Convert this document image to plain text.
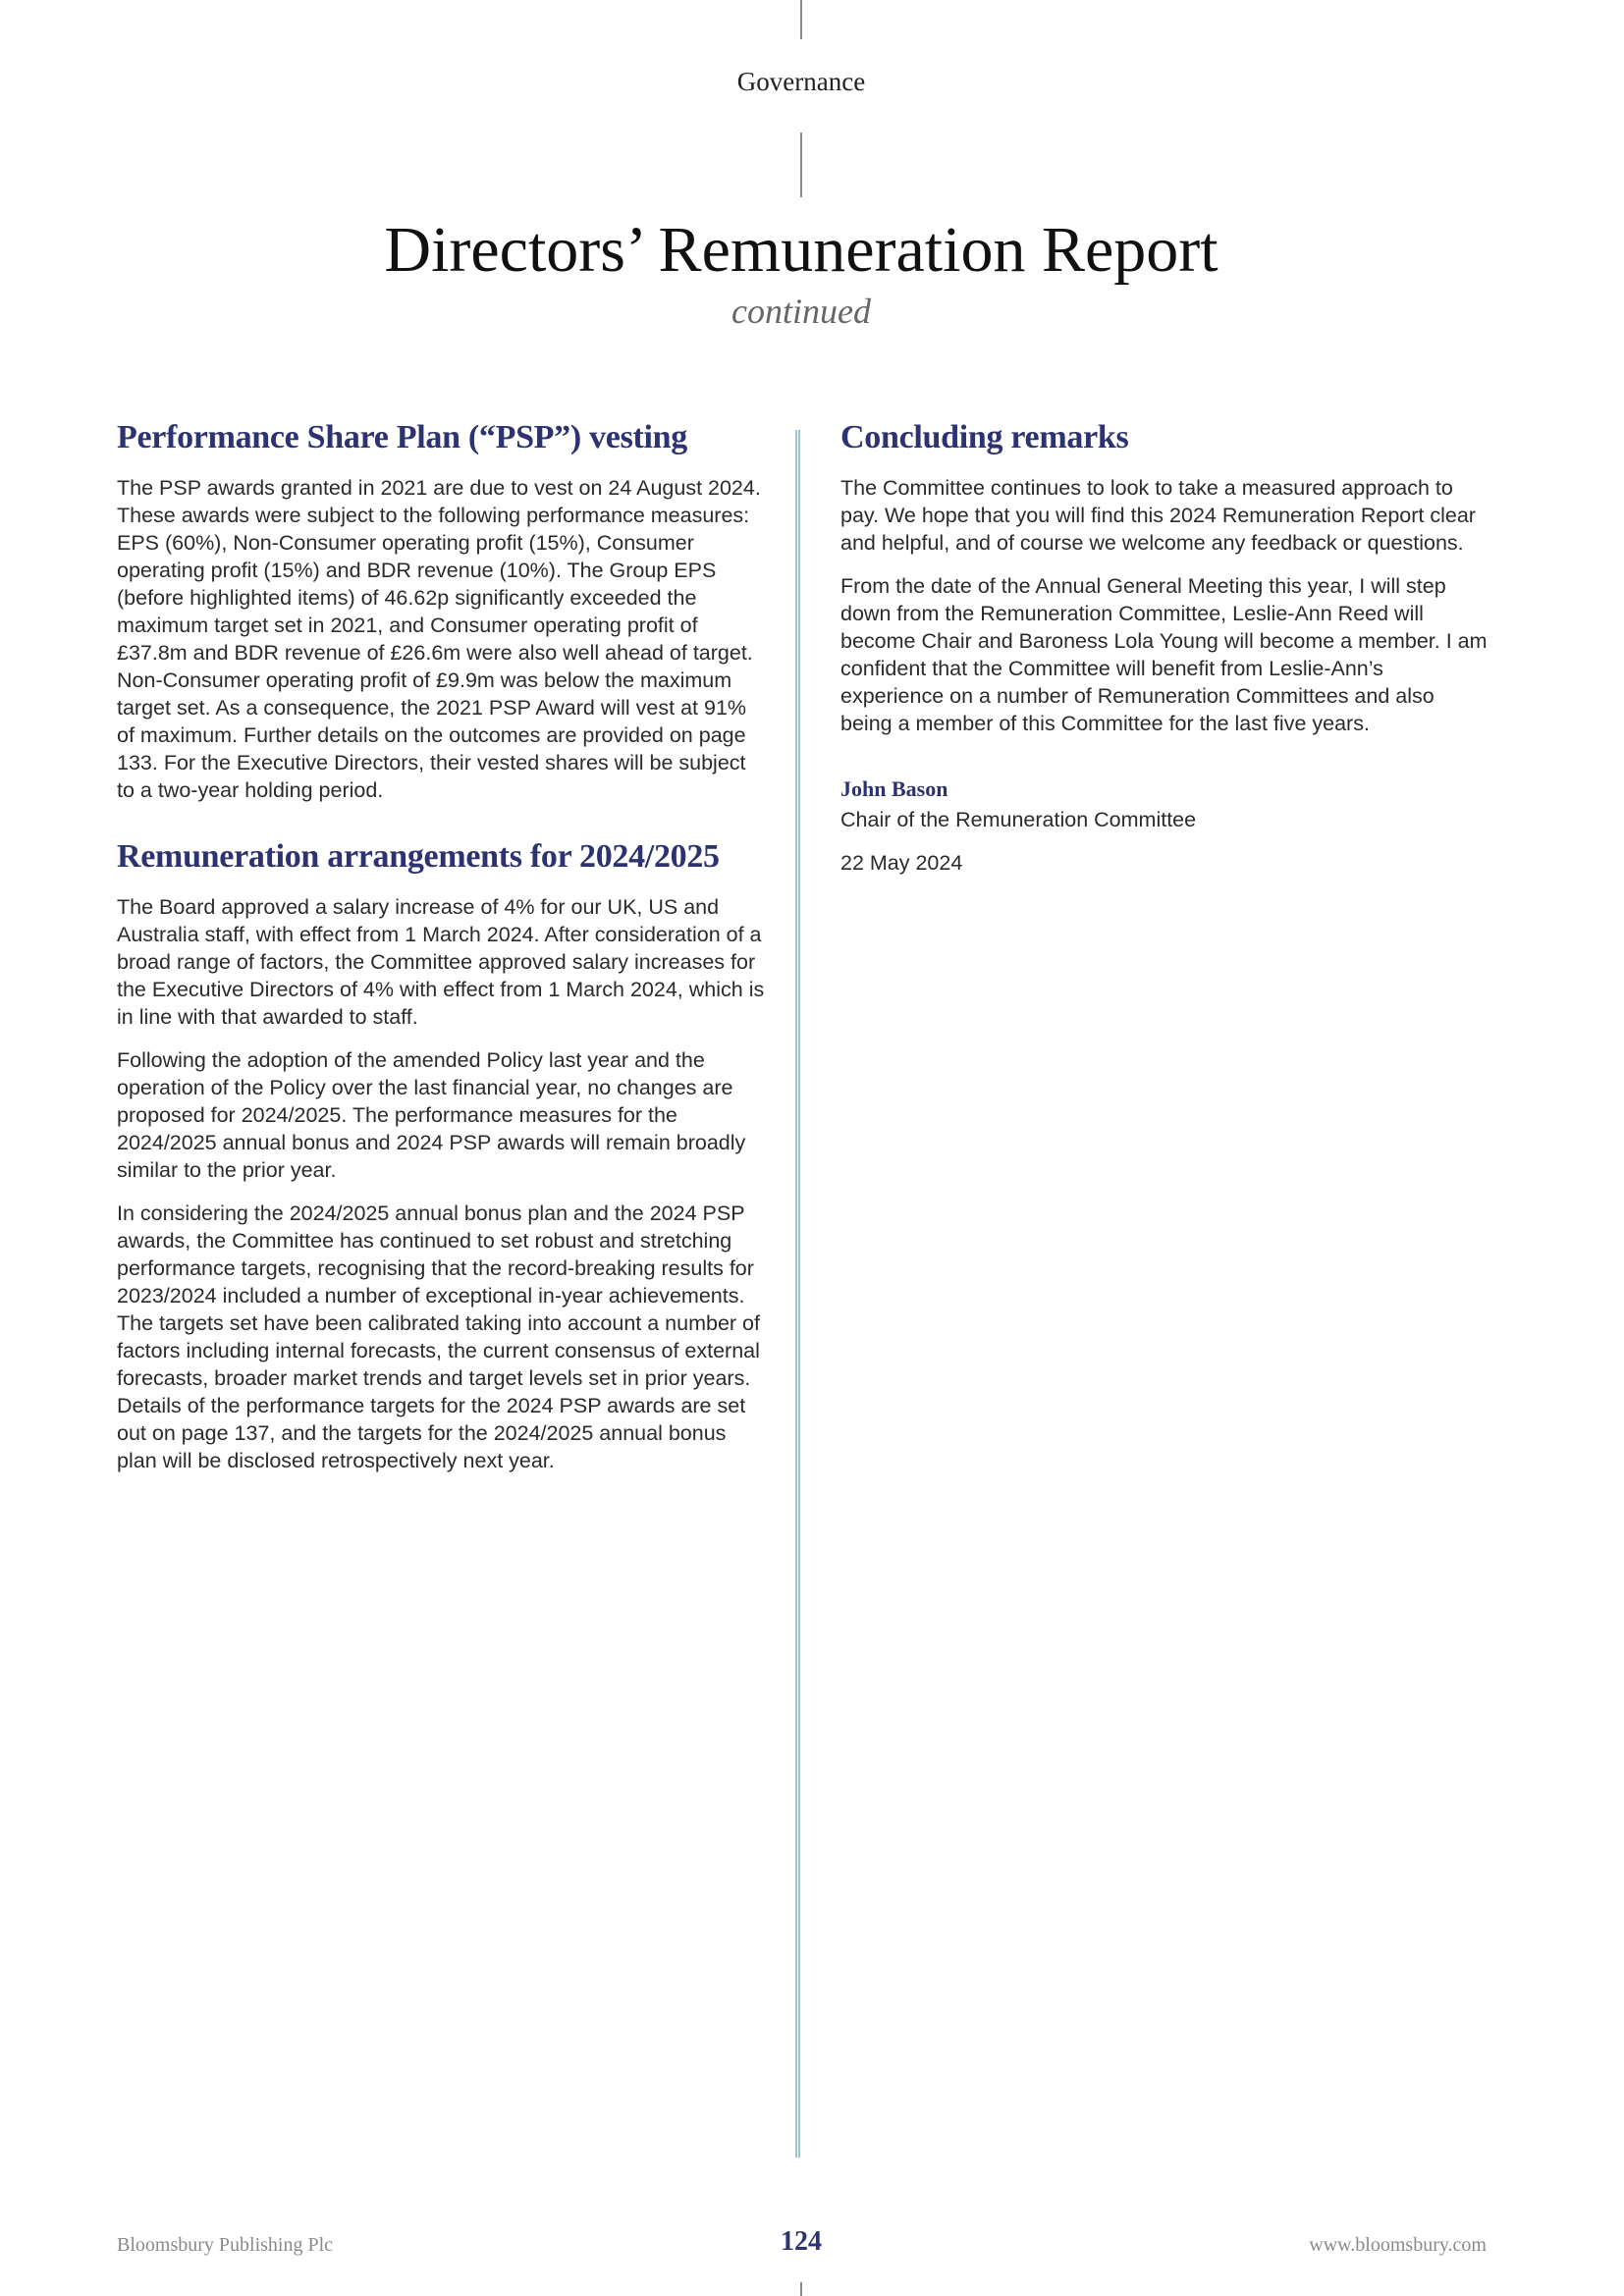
Governance
Directors’ Remuneration Report
continued
Performance Share Plan (“PSP”) vesting

The PSP awards granted in 2021 are due to vest on 24 August 2024. These awards were subject to the following performance measures: EPS (60%), Non-Consumer operating profit (15%), Consumer operating profit (15%) and BDR revenue (10%). The Group EPS (before highlighted items) of 46.62p significantly exceeded the maximum target set in 2021, and Consumer operating profit of £37.8m and BDR revenue of £26.6m were also well ahead of target. Non-Consumer operating profit of £9.9m was below the maximum target set. As a consequence, the 2021 PSP Award will vest at 91% of maximum. Further details on the outcomes are provided on page 133. For the Executive Directors, their vested shares will be subject to a two-year holding period.

Remuneration arrangements for 2024/2025

The Board approved a salary increase of 4% for our UK, US and Australia staff, with effect from 1 March 2024. After consideration of a broad range of factors, the Committee approved salary increases for the Executive Directors of 4% with effect from 1 March 2024, which is in line with that awarded to staff.

Following the adoption of the amended Policy last year and the operation of the Policy over the last financial year, no changes are proposed for 2024/2025. The performance measures for the 2024/2025 annual bonus and 2024 PSP awards will remain broadly similar to the prior year.

In considering the 2024/2025 annual bonus plan and the 2024 PSP awards, the Committee has continued to set robust and stretching performance targets, recognising that the record-breaking results for 2023/2024 included a number of exceptional in-year achievements. The targets set have been calibrated taking into account a number of factors including internal forecasts, the current consensus of external forecasts, broader market trends and target levels set in prior years. Details of the performance targets for the 2024 PSP awards are set out on page 137, and the targets for the 2024/2025 annual bonus plan will be disclosed retrospectively next year.

Concluding remarks

The Committee continues to look to take a measured approach to pay. We hope that you will find this 2024 Remuneration Report clear and helpful, and of course we welcome any feedback or questions.

From the date of the Annual General Meeting this year, I will step down from the Remuneration Committee, Leslie-Ann Reed will become Chair and Baroness Lola Young will become a member. I am confident that the Committee will benefit from Leslie-Ann’s experience on a number of Remuneration Committees and also being a member of this Committee for the last five years.

John Bason
Chair of the Remuneration Committee
22 May 2024
Bloomsbury Publishing Plc	124	www.bloomsbury.com
